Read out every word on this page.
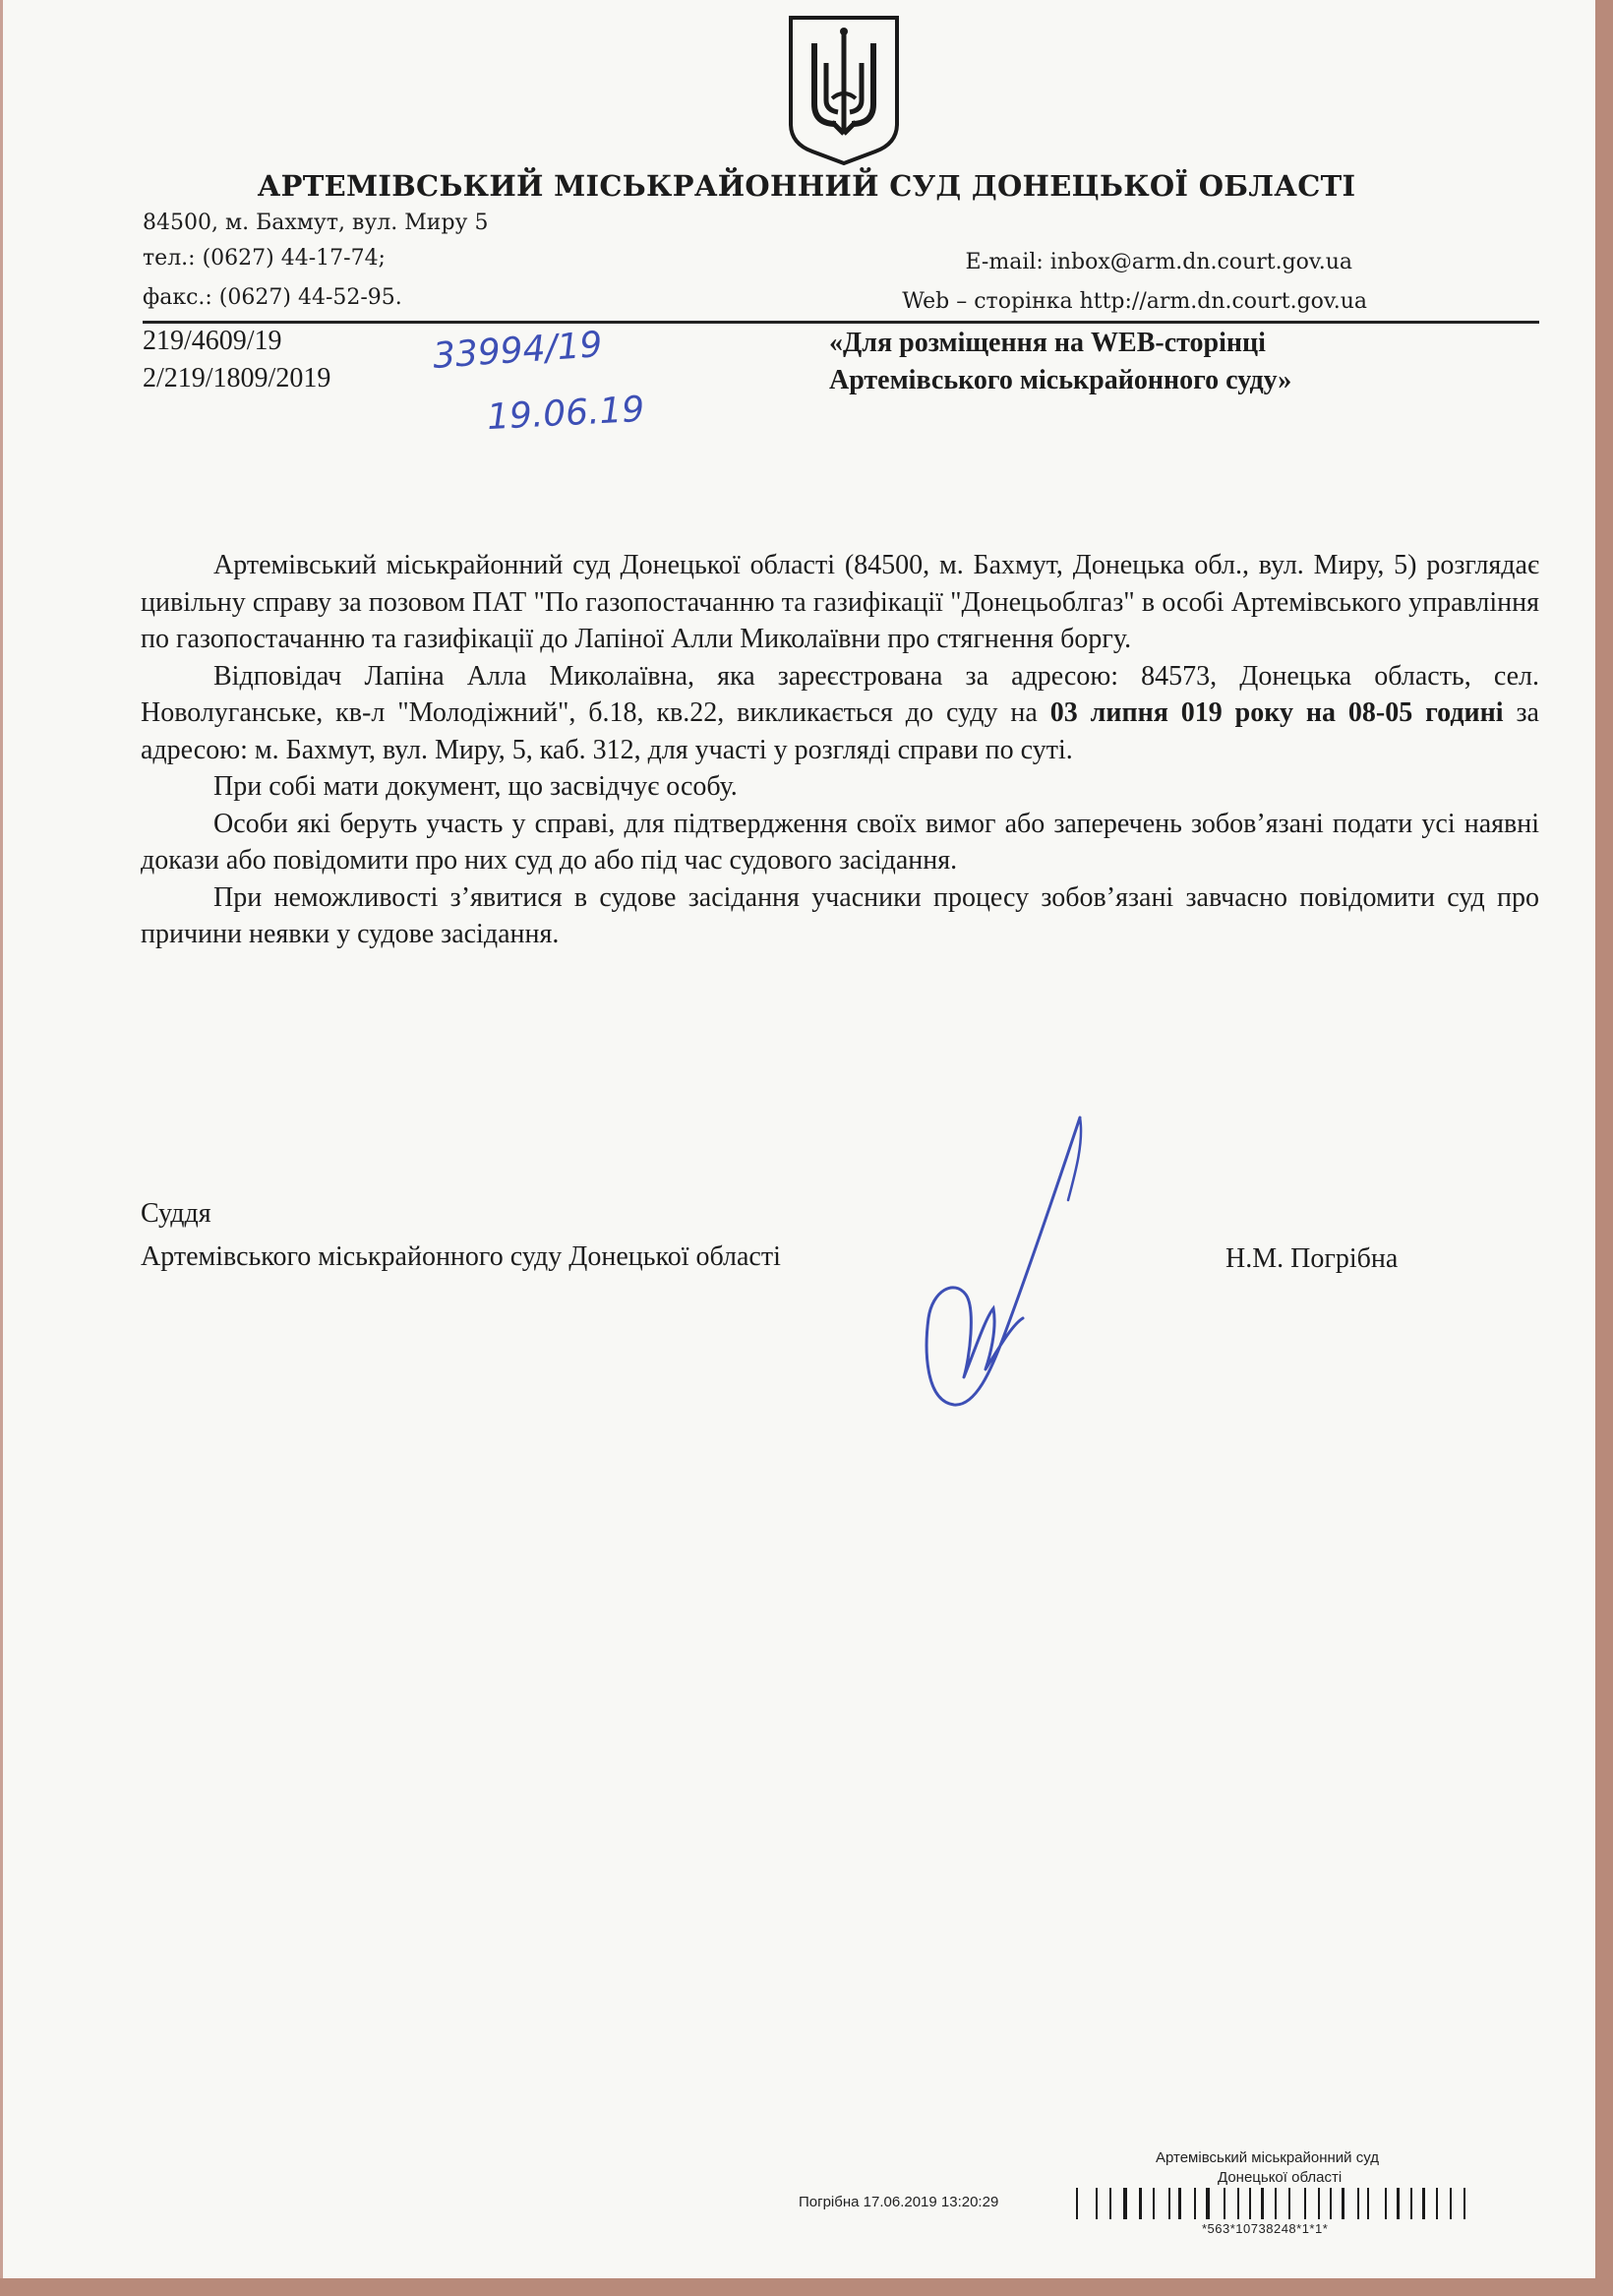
АРТЕМІВСЬКИЙ МІСЬКРАЙОННИЙ СУД ДОНЕЦЬКОЇ ОБЛАСТІ
84500, м. Бахмут, вул. Миру 5
тел.: (0627) 44-17-74;
факс.: (0627) 44-52-95.
E-mail: inbox@arm.dn.court.gov.ua
Web – сторінка http://arm.dn.court.gov.ua
219/4609/19
2/219/1809/2019
33994/19
19.06.19
«Для розміщення на WEB-сторінці
Артемівського міськрайонного суду»

Артемівський міськрайонний суд Донецької області (84500, м. Бахмут, Донецька обл., вул. Миру, 5) розглядає цивільну справу за позовом ПАТ "По газопостачанню та газифікації "Донецьоблгаз" в особі Артемівського управління по газопостачанню та газифікації до Лапіної Алли Миколаївни про стягнення боргу.

Відповідач Лапіна Алла Миколаївна, яка зареєстрована за адресою: 84573, Донецька область, сел. Новолуганське, кв-л "Молодіжний", б.18, кв.22, викликається до суду на 03 липня 019 року на 08-05 годині за адресою: м. Бахмут, вул. Миру, 5, каб. 312, для участі у розгляді справи по суті.

При собі мати документ, що засвідчує особу.

Особи які беруть участь у справі, для підтвердження своїх вимог або заперечень зобов’язані подати усі наявні докази або повідомити про них суд до або під час судового засідання.

При неможливості з’явитися в судове засідання учасники процесу зобов’язані завчасно повідомити суд про причини неявки у судове засідання.

Суддя
Артемівського міськрайонного суду Донецької області	Н.М. Погрібна
Артемівський міськрайонний суд
Донецької області
Погрібна 17.06.2019 13:20:29
*563*10738248*1*1*
